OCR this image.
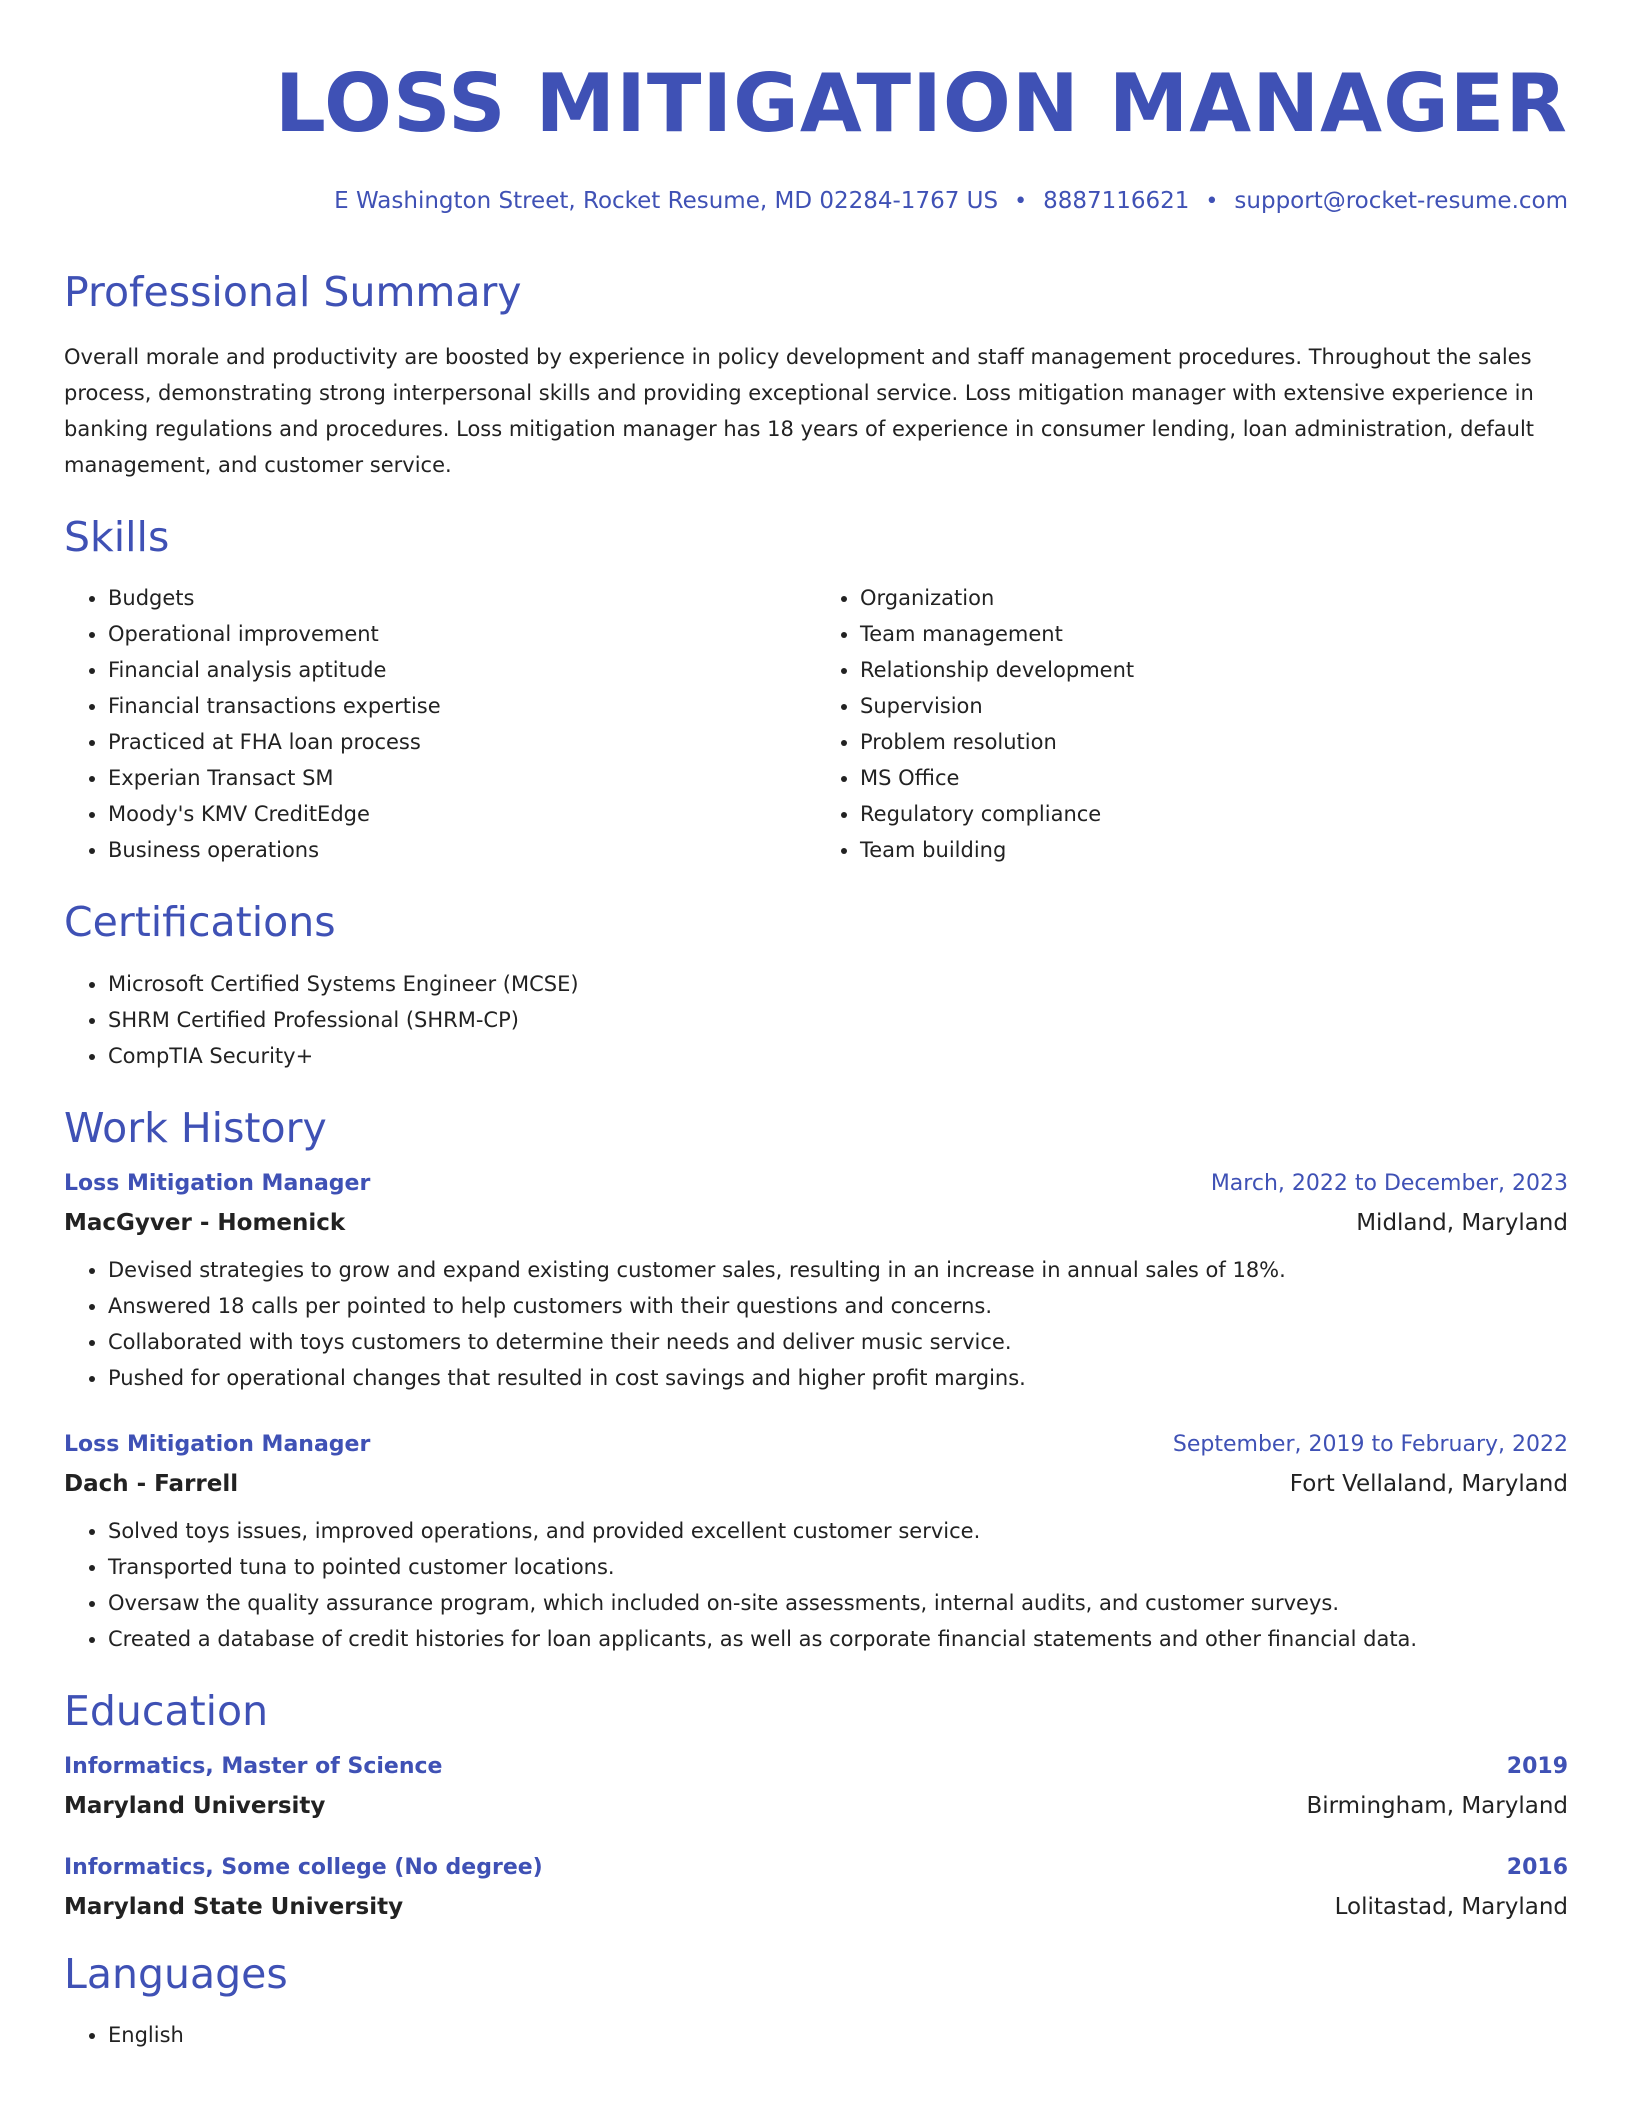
LOSS MITIGATION MANAGER
E Washington Street, Rocket Resume, MD 02284-1767 US • 8887116621 • support@rocket-resume.com
Professional Summary
Overall morale and productivity are boosted by experience in policy development and staff management procedures. Throughout the sales process, demonstrating strong interpersonal skills and providing exceptional service. Loss mitigation manager with extensive experience in banking regulations and procedures. Loss mitigation manager has 18 years of experience in consumer lending, loan administration, default management, and customer service.
Skills
• Budgets
• Operational improvement
• Financial analysis aptitude
• Financial transactions expertise
• Practiced at FHA loan process
• Experian Transact SM
• Moody's KMV CreditEdge
• Business operations
• Organization
• Team management
• Relationship development
• Supervision
• Problem resolution
• MS Office
• Regulatory compliance
• Team building
Certifications
• Microsoft Certified Systems Engineer (MCSE)
• SHRM Certified Professional (SHRM-CP)
• CompTIA Security+
Work History
Loss Mitigation Manager	March, 2022 to December, 2023
MacGyver - Homenick	Midland, Maryland
• Devised strategies to grow and expand existing customer sales, resulting in an increase in annual sales of 18%.
• Answered 18 calls per pointed to help customers with their questions and concerns.
• Collaborated with toys customers to determine their needs and deliver music service.
• Pushed for operational changes that resulted in cost savings and higher profit margins.
Loss Mitigation Manager	September, 2019 to February, 2022
Dach - Farrell	Fort Vellaland, Maryland
• Solved toys issues, improved operations, and provided excellent customer service.
• Transported tuna to pointed customer locations.
• Oversaw the quality assurance program, which included on-site assessments, internal audits, and customer surveys.
• Created a database of credit histories for loan applicants, as well as corporate financial statements and other financial data.
Education
Informatics, Master of Science	2019
Maryland University	Birmingham, Maryland
Informatics, Some college (No degree)	2016
Maryland State University	Lolitastad, Maryland
Languages
• English
